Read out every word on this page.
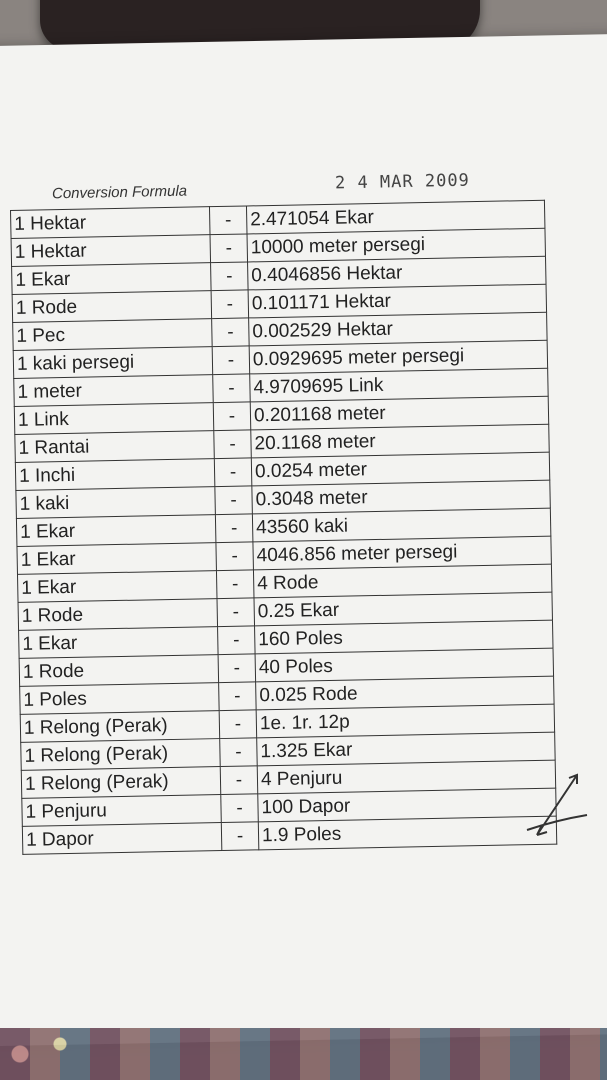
Conversion Formula	2 4 MAR 2009
1 Hektar	-	2.471054 Ekar
1 Hektar	-	10000 meter persegi
1 Ekar	-	0.4046856 Hektar
1 Rode	-	0.101171 Hektar
1 Pec	-	0.002529 Hektar
1 kaki persegi	-	0.0929695 meter persegi
1 meter	-	4.9709695 Link
1 Link	-	0.201168 meter
1 Rantai	-	20.1168 meter
1 Inchi	-	0.0254 meter
1 kaki	-	0.3048 meter
1 Ekar	-	43560 kaki
1 Ekar	-	4046.856 meter persegi
1 Ekar	-	4 Rode
1 Rode	-	0.25 Ekar
1 Ekar	-	160 Poles
1 Rode	-	40 Poles
1 Poles	-	0.025 Rode
1 Relong (Perak)	-	1e. 1r. 12p
1 Relong (Perak)	-	1.325 Ekar
1 Relong (Perak)	-	4 Penjuru
1 Penjuru	-	100 Dapor
1 Dapor	-	1.9 Poles
